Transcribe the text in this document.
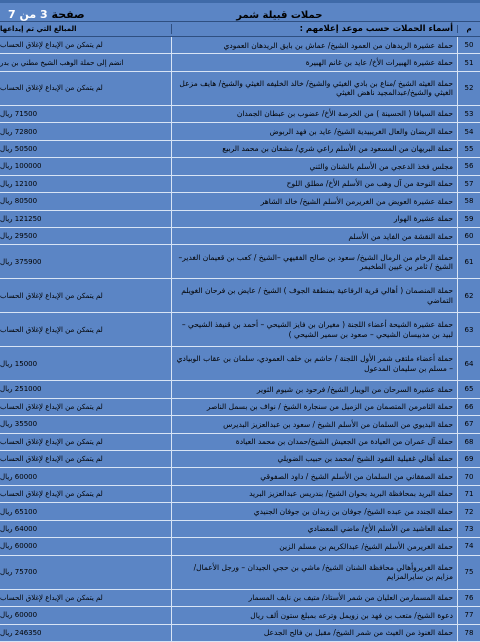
حملات قبيلة شمر
صفحة 3 من 7
م
أسماء الحملات حسب موعد إعلامهم :
المبالغ التي تم إيداعها
50
حملة عشيرة الريدهان من العمود الشيخ/ عماش بن بايق الريدهان العمودي
لم يتمكن من الإيداع لإغلاق الحساب
51
حملة عشيرة الهبيرات الأخ/ عايد بن غانم الهبيرة
انضم إلى حملة الوهب الشيخ مطني بن بدر
52
حملة الغيثه الشيخ /مناع بن بادي الغيثي والشيخ/ خالد الخليفه الغيثي والشيخ/ هايف مزعل الغيثي والشيخ/عبدالمجيد ناهض الغيثي
لم يتمكن من الإيداع لإغلاق الحساب
53
حملة السيافا ( الحسينة ) من الخرصة الأخ/ عضوب بن عبطان الجمدان
71500 ريال
54
حملة الربضان والعال الغريبيدية الشيخ/ عايد بن فهد الربوض
72800 ريال
55
حملة البريهان من المسعود من الأسلم راعي شري/ مشعان بن محمد الربيع
50500 ريال
56
مجلس فخذ الدعجي من الأسلم بالشنان والثني
100000 ريال
57
حملة النوحة من آل وهب من الأسلم الأخ/ مطلق اللوح
12100 ريال
58
حملة عشيرة العويض من الغريرمن الأسلم الشيخ/ خالد الشاهر
80500 ريال
59
حملة عشيرة الهوار
121250 ريال
60
حملة النقشة من الفايد من الأسلم
29500 ريال
61
حملة الرخام من الرمال الشيخ/ سعود بن صالح الفقيهي –الشيخ / كعب بن قعيمان الغدير–الشيخ / ثامر بن غيين الطخيمر
375900 ريال
62
حملة المنصمان ( أهالي قرية الرفاعية بمنطقة الجوف ) الشيخ / عايض بن فرحان الغويلم التماضي
لم يتمكن من الإيداع لإغلاق الحساب
63
حملة عشيرة الشيحة أعضاء اللجنة ( مغيران بن فايز الشيحي – أحمد بن قنيفذ الشيحي – لبيد بن مدبيسان الشيحي – صعود بن سمير الشيحي )
لم يتمكن من الإيداع لإغلاق الحساب
64
حملة أعضاء ملتقى شمر الأول اللجنة / حاشم بن خلف العمودي، سلمان بن عقاب الوبيادي – مسلم بن سليمان المدعول
15000 ريال
65
حملة عشيرة السرحان من الويبار الشيخ/ فرحود بن شيوم الثوير
251000 ريال
66
حملة الثامرمن المتصمان من الزميل من سنجارة الشيخ / نواف بن بسمل الناصر
لم يتمكن من الإيداع لإغلاق الحساب
67
حملة البديوي من السلمان من الأسلم الشيخ / سعود بن عبدالعزيز البديرس
35500 ريال
68
حملة آل عمران من العيادة من الجعيش الشيخ/حمدان بن محمد العيادة
لم يتمكن من الإيداع لإغلاق الحساب
69
حملة أهالي غفيلية النفود الشيخ /محمد بن حبيب الضويلي
لم يتمكن من الإيداع لإغلاق الحساب
70
حملة الصفقاني من السلمان من الأسلم الشيخ / داود الصفوقي
60000 ريال
71
حملة البريد بمحافظة البريد بحوان الشيخ/ بندريس عبدالعزيز البريد
لم يتمكن من الإيداع لإغلاق الحساب
72
حملة الجندد من عبده الشيخ/ جوفان بن زبدان بن جوفان الجنيدي
65100 ريال
73
حملة العاشيد من الأسلم الأخ/ ماضي المعضادي
64000 ريال
74
حملة الغريرمن الأسلم الشيخ/ عبدالكريم بن مسلم الزين
60000 ريال
75
حملة الغريروأهالي محافظة الشنان الشيخ/ ماشي بن حجي الجيدان – ورجل الأعمال/ مزايم بن سايرالمزايم
75700 ريال
76
حملة المسمارمن العليان من شمر الأستاذ/ متيف بن نايف المسمار
لم يتمكن من الإيداع لإغلاق الحساب
77
دعوة الشيخ/ متعب بن فهد بن زويمل وترعه بمبلغ ستون ألف ريال
60000 ريال
78
حملة الغنوذ من الغيث من شمر الشيخ/ مقبل بن فالح الجدعل
246350 ريال
